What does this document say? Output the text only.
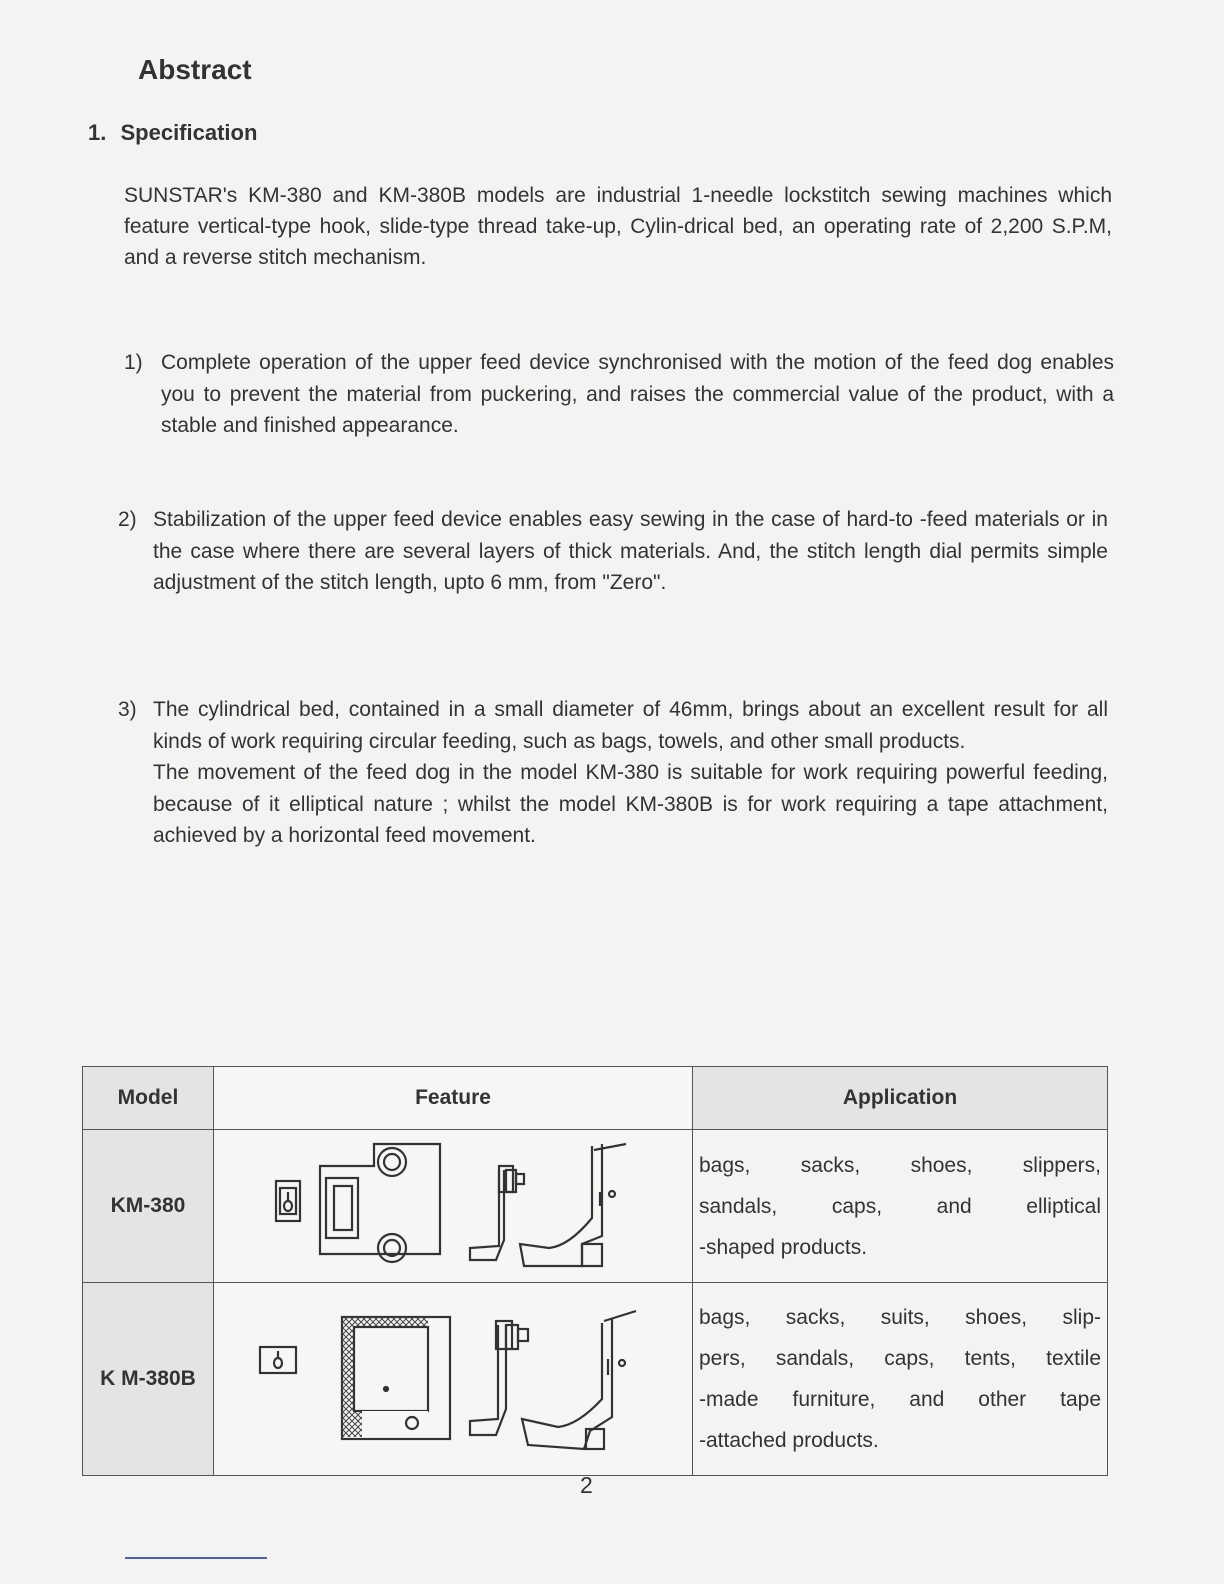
Abstract
1. Specification
SUNSTAR's KM-380 and KM-380B models are industrial 1-needle lockstitch sewing machines which feature vertical-type hook, slide-type thread take-up, Cylin-drical bed, an operating rate of 2,200 S.P.M, and a reverse stitch mechanism.
1) Complete operation of the upper feed device synchronised with the motion of the feed dog enables you to prevent the material from puckering, and raises the commercial value of the product, with a stable and finished appearance.

2) Stabilization of the upper feed device enables easy sewing in the case of hard-to -feed materials or in the case where there are several layers of thick materials. And, the stitch length dial permits simple adjustment of the stitch length, upto 6 mm, from "Zero".

3) The cylindrical bed, contained in a small diameter of 46mm, brings about an excellent result for all kinds of work requiring circular feeding, such as bags, towels, and other small products.

The movement of the feed dog in the model KM-380 is suitable for work requiring powerful feeding, because of it elliptical nature ; whilst the model KM-380B is for work requiring a tape attachment, achieved by a horizontal feed movement.

Model	Feature	Application
KM-380		bags, sacks, shoes, slippers,
sandals, caps, and elliptical
-shaped products.

K M-380B		bags, sacks, suits, shoes, slip-
pers, sandals, caps, tents, textile
-made furniture, and other tape
-attached products.
2
